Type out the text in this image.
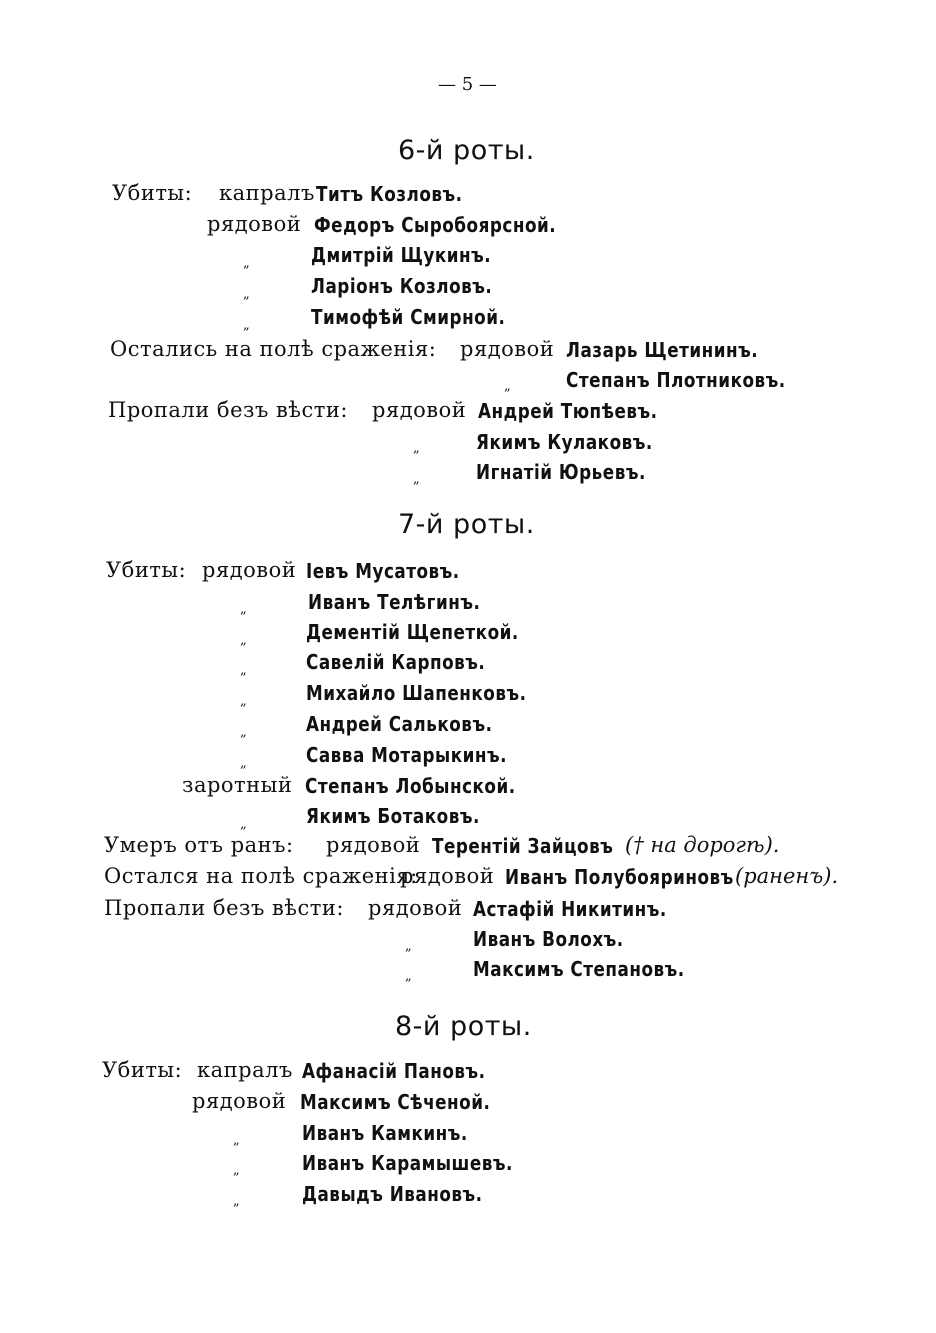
— 5 —
6-й роты.
Убиты: капралъ Титъ Козловъ.
рядовой Федоръ Сыробоярсной.
„	Дмитрій Щукинъ.
„	Ларіонъ Козловъ.
„	Тимофѣй Смирной.
Остались на полѣ сраженія: рядовой Лазарь Щетининъ.
„	Степанъ Плотниковъ.
Пропали безъ вѣсти: рядовой Андрей Тюпѣевъ.
„	Якимъ Кулаковъ.
„	Игнатій Юрьевъ.
7-й роты.
Убиты: рядовой Іевъ Мусатовъ.
„	Иванъ Телѣгинъ.
„	Дементій Щепеткой.
„	Савелій Карповъ.
„	Михайло Шапенковъ.
„	Андрей Сальковъ.
„	Савва Мотарыкинъ.
заротный Степанъ Лобынской.
„	Якимъ Ботаковъ.
Умеръ отъ ранъ: рядовой Терентій Зайцовъ († на дорогѣ).
Остался на полѣ сраженія:
рядовой Иванъ Полубояриновъ (раненъ).
Пропали безъ вѣсти: рядовой Астафій Никитинъ.
„	Иванъ Волохъ.
„	Максимъ Степановъ.
8-й роты.
Убиты: капралъ Афанасій Пановъ.
рядовой Максимъ Сѣченой.
„	Иванъ Камкинъ.
„	Иванъ Карамышевъ.
„	Давыдъ Ивановъ.
